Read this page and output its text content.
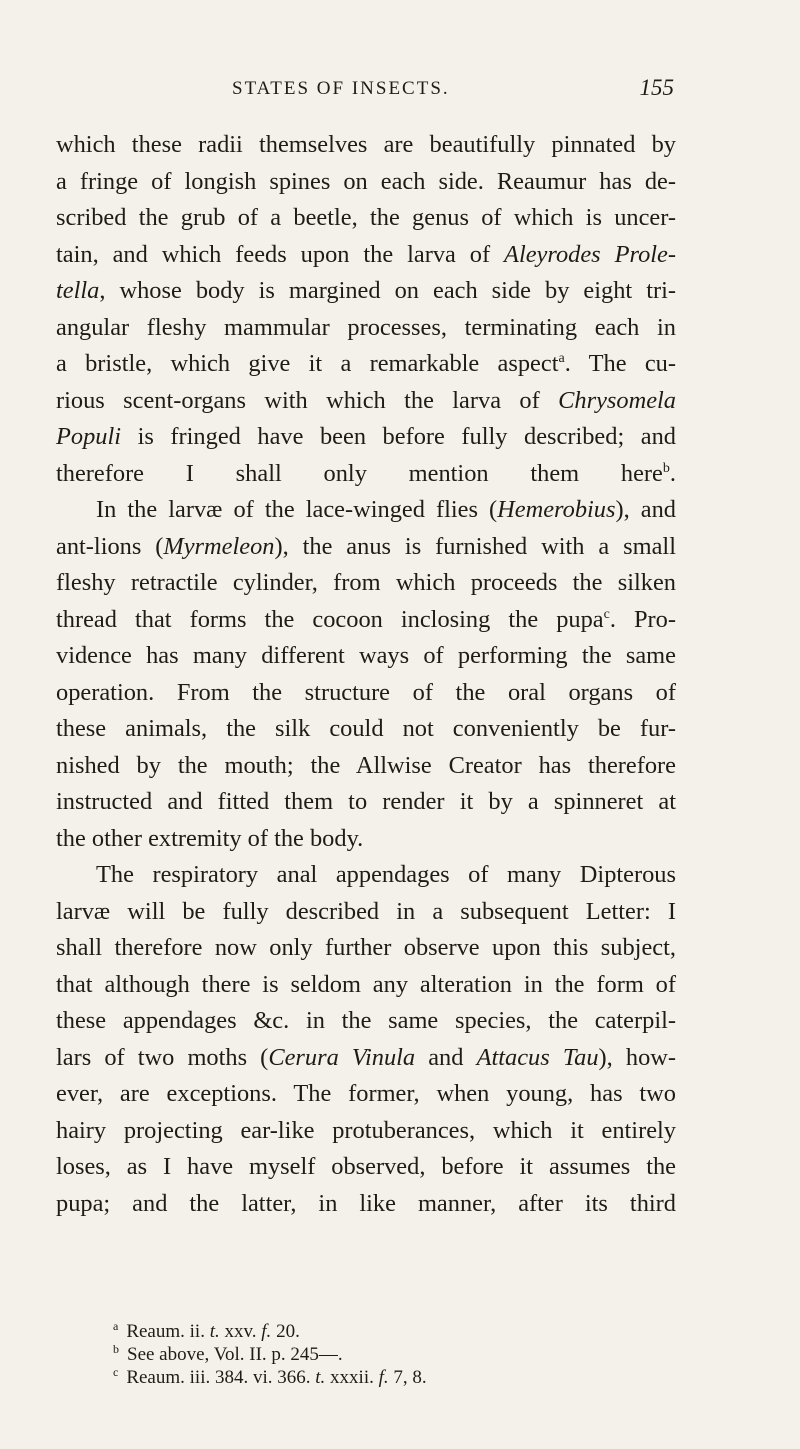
STATES OF INSECTS.	155
which these radii themselves are beautifully pinnated by
a fringe of longish spines on each side. Reaumur has de-
scribed the grub of a beetle, the genus of which is uncer-
tain, and which feeds upon the larva of Aleyrodes Prole-
tella, whose body is margined on each side by eight tri-
angular fleshy mammular processes, terminating each in
a bristle, which give it a remarkable aspect$^a$. The cu-
rious scent-organs with which the larva of Chrysomela
Populi is fringed have been before fully described; and
therefore I shall only mention them here$^b$.
In the larvæ of the lace-winged flies (Hemerobius), and
ant-lions (Myrmeleon), the anus is furnished with a small
fleshy retractile cylinder, from which proceeds the silken
thread that forms the cocoon inclosing the pupa$^c$. Pro-
vidence has many different ways of performing the same
operation. From the structure of the oral organs of
these animals, the silk could not conveniently be fur-
nished by the mouth; the Allwise Creator has therefore
instructed and fitted them to render it by a spinneret at
the other extremity of the body.
The respiratory anal appendages of many Dipterous
larvæ will be fully described in a subsequent Letter: I
shall therefore now only further observe upon this subject,
that although there is seldom any alteration in the form of
these appendages &c. in the same species, the caterpil-
lars of two moths (Cerura Vinula and Attacus Tau), how-
ever, are exceptions. The former, when young, has two
hairy projecting ear-like protuberances, which it entirely
loses, as I have myself observed, before it assumes the
pupa; and the latter, in like manner, after its third
$^a$ Reaum. ii. t. xxv. f. 20.
$^b$ See above, Vol. II. p. 245—.
$^c$ Reaum. iii. 384. vi. 366. t. xxxii. f. 7, 8.
